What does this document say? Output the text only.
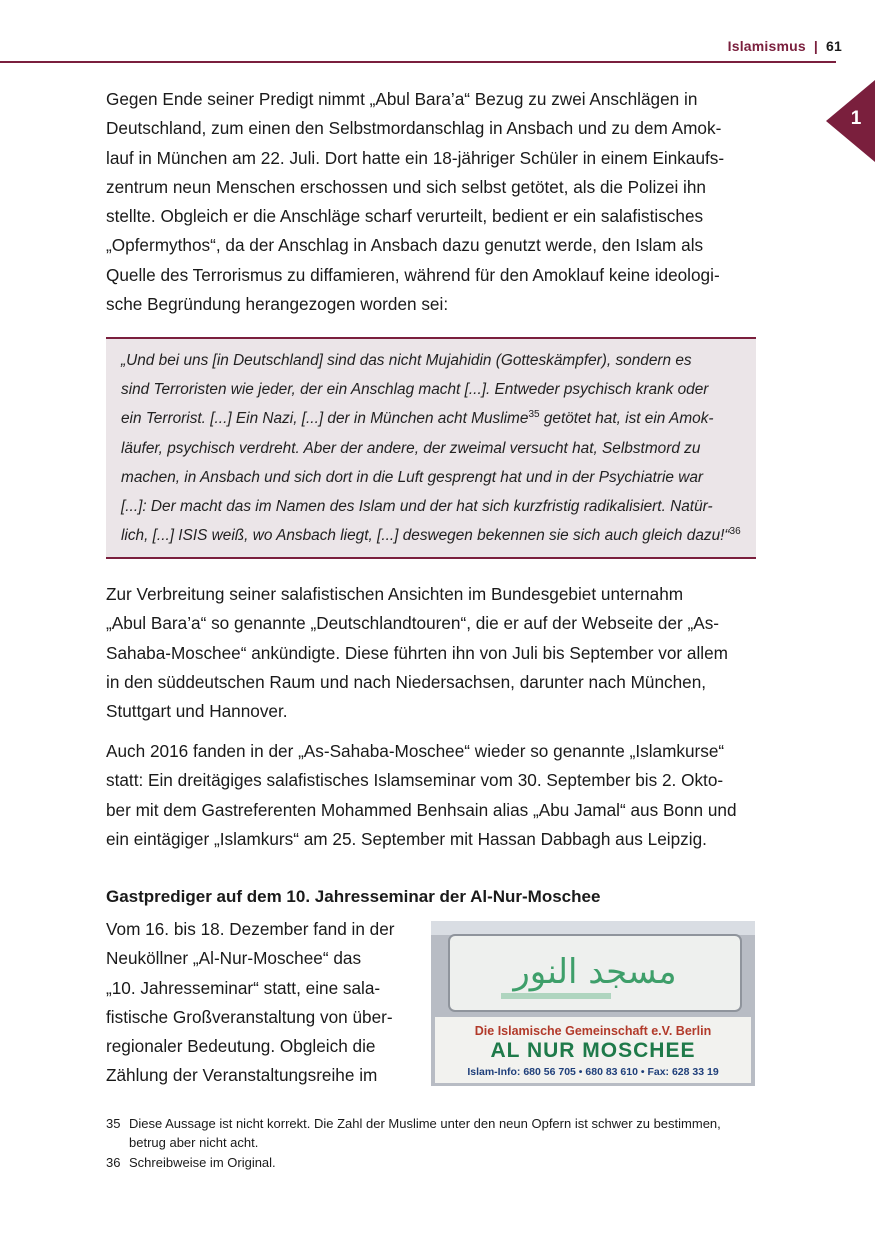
Islamismus | 61
1
Gegen Ende seiner Predigt nimmt „Abul Bara’a“ Bezug zu zwei Anschlägen in
Deutschland, zum einen den Selbstmordanschlag in Ansbach und zu dem Amok-
lauf in München am 22. Juli. Dort hatte ein 18-jähriger Schüler in einem Einkaufs-
zentrum neun Menschen erschossen und sich selbst getötet, als die Polizei ihn
stellte. Obgleich er die Anschläge scharf verurteilt, bedient er ein salafistisches
„Opfermythos“, da der Anschlag in Ansbach dazu genutzt werde, den Islam als
Quelle des Terrorismus zu diffamieren, während für den Amoklauf keine ideologi-
sche Begründung herangezogen worden sei:
„Und bei uns [in Deutschland] sind das nicht Mujahidin (Gotteskämpfer), sondern es
sind Terroristen wie jeder, der ein Anschlag macht [...]. Entweder psychisch krank oder
ein Terrorist. [...] Ein Nazi, [...] der in München acht Muslime$^{35}$ getötet hat, ist ein Amok-
läufer, psychisch verdreht. Aber der andere, der zweimal versucht hat, Selbstmord zu
machen, in Ansbach und sich dort in die Luft gesprengt hat und in der Psychiatrie war
[...]: Der macht das im Namen des Islam und der hat sich kurzfristig radikalisiert. Natür-
lich, [...] ISIS weiß, wo Ansbach liegt, [...] deswegen bekennen sie sich auch gleich dazu!“$^{36}$
Zur Verbreitung seiner salafistischen Ansichten im Bundesgebiet unternahm
„Abul Bara’a“ so genannte „Deutschlandtouren“, die er auf der Webseite der „As-
Sahaba-Moschee“ ankündigte. Diese führten ihn von Juli bis September vor allem
in den süddeutschen Raum und nach Niedersachsen, darunter nach München,
Stuttgart und Hannover.
Auch 2016 fanden in der „As-Sahaba-Moschee“ wieder so genannte „Islamkurse“
statt: Ein dreitägiges salafistisches Islamseminar vom 30. September bis 2. Okto-
ber mit dem Gastreferenten Mohammed Benhsain alias „Abu Jamal“ aus Bonn und
ein eintägiger „Islamkurs“ am 25. September mit Hassan Dabbagh aus Leipzig.
Gastprediger auf dem 10. Jahresseminar der Al-Nur-Moschee
Vom 16. bis 18. Dezember fand in der
Neuköllner „Al-Nur-Moschee“ das
„10. Jahresseminar“ statt, eine sala-
fistische Großveranstaltung von über-
regionaler Bedeutung. Obgleich die
Zählung der Veranstaltungsreihe im
مسجد النور
Die Islamische Gemeinschaft e.V. Berlin
AL NUR MOSCHEE
Islam-Info: 680 56 705 • 680 83 610 • Fax: 628 33 19
35 Diese Aussage ist nicht korrekt. Die Zahl der Muslime unter den neun Opfern ist schwer zu bestimmen,
betrug aber nicht acht.
36 Schreibweise im Original.
